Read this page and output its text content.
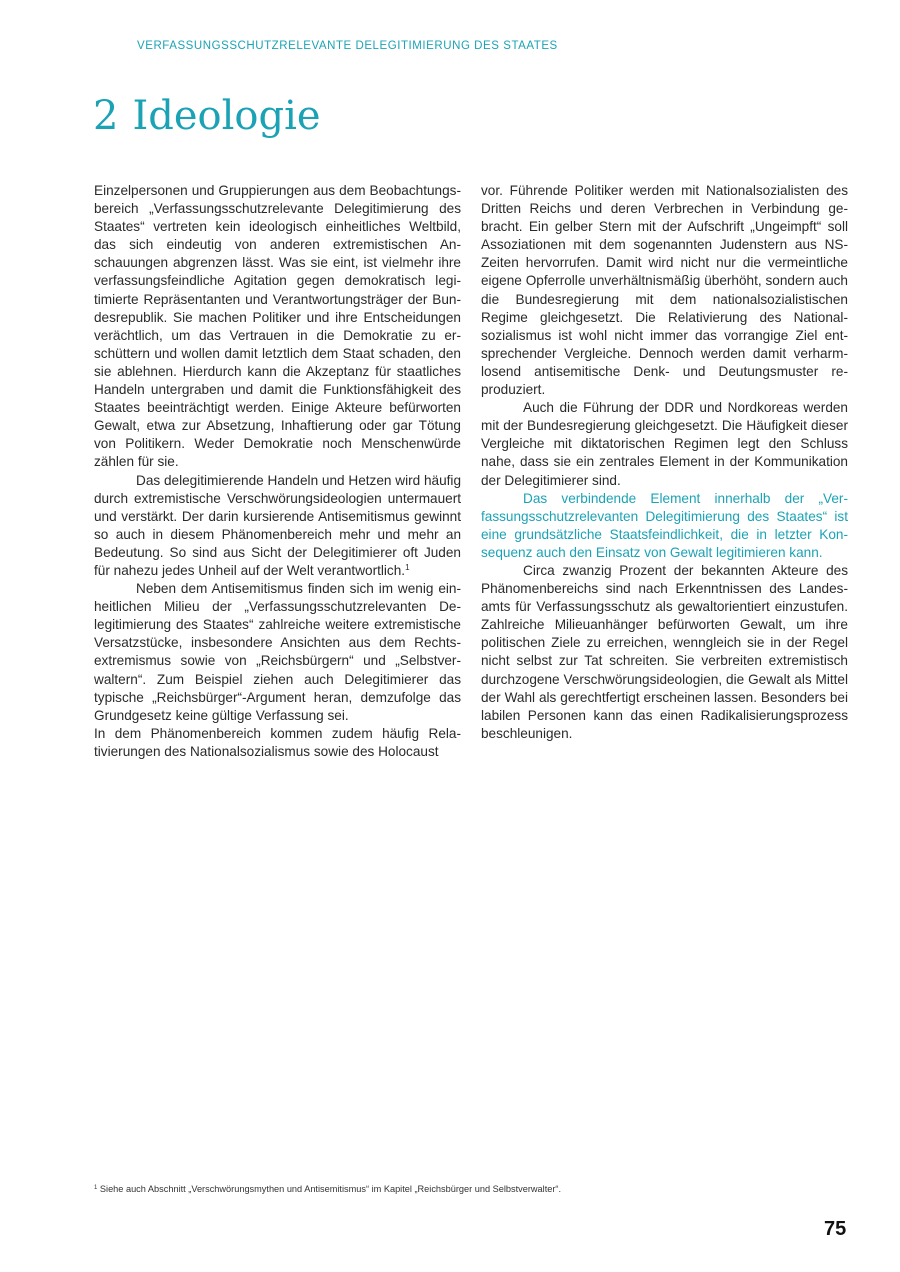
VERFASSUNGSSCHUTZRELEVANTE DELEGITIMIERUNG DES STAATES
2 Ideologie

Einzelpersonen und Gruppierungen aus dem Beobachtungsbereich „Verfassungsschutzrelevante Delegitimierung des Staates“ vertreten kein ideologisch einheitliches Weltbild, das sich eindeutig von anderen extremistischen Anschauungen abgrenzen lässt. Was sie eint, ist vielmehr ihre verfassungsfeindliche Agitation gegen demokratisch legitimierte Repräsentanten und Verantwortungsträger der Bundesrepublik. Sie machen Politiker und ihre Entscheidungen verächtlich, um das Vertrauen in die Demokratie zu erschüttern und wollen damit letztlich dem Staat schaden, den sie ablehnen. Hierdurch kann die Akzeptanz für staatliches Handeln untergraben und damit die Funktionsfähigkeit des Staates beeinträchtigt werden. Einige Akteure befürworten Gewalt, etwa zur Absetzung, Inhaftierung oder gar Tötung von Politikern. Weder Demokratie noch Menschenwürde zählen für sie.

Das delegitimierende Handeln und Hetzen wird häufig durch extremistische Verschwörungsideologien untermauert und verstärkt. Der darin kursierende Antisemitismus gewinnt so auch in diesem Phänomenbereich mehr und mehr an Bedeutung. So sind aus Sicht der Delegitimierer oft Juden für nahezu jedes Unheil auf der Welt verantwortlich.$^1$

Neben dem Antisemitismus finden sich im wenig einheitlichen Milieu der „Verfassungsschutzrelevanten Delegitimierung des Staates“ zahlreiche weitere extremistische Versatzstücke, insbesondere Ansichten aus dem Rechtsextremismus sowie von „Reichsbürgern“ und „Selbstverwaltern“. Zum Beispiel ziehen auch Delegitimierer das typische „Reichsbürger“-Argument heran, demzufolge das Grundgesetz keine gültige Verfassung sei.

In dem Phänomenbereich kommen zudem häufig Relativierungen des Nationalsozialismus sowie des Holocaust

vor. Führende Politiker werden mit Nationalsozialisten des Dritten Reichs und deren Verbrechen in Verbindung gebracht. Ein gelber Stern mit der Aufschrift „Ungeimpft“ soll Assoziationen mit dem sogenannten Judenstern aus NS-Zeiten hervorrufen. Damit wird nicht nur die vermeintliche eigene Opferrolle unverhältnismäßig überhöht, sondern auch die Bundesregierung mit dem nationalsozialistischen Regime gleichgesetzt. Die Relativierung des Nationalsozialismus ist wohl nicht immer das vorrangige Ziel entsprechender Vergleiche. Dennoch werden damit verharmlosend antisemitische Denk- und Deutungsmuster reproduziert.

Auch die Führung der DDR und Nordkoreas werden mit der Bundesregierung gleichgesetzt. Die Häufigkeit dieser Vergleiche mit diktatorischen Regimen legt den Schluss nahe, dass sie ein zentrales Element in der Kommunikation der Delegitimierer sind.

Das verbindende Element innerhalb der „Verfassungsschutzrelevanten Delegitimierung des Staates“ ist eine grundsätzliche Staatsfeindlichkeit, die in letzter Konsequenz auch den Einsatz von Gewalt legitimieren kann.

Circa zwanzig Prozent der bekannten Akteure des Phänomenbereichs sind nach Erkenntnissen des Landesamts für Verfassungsschutz als gewaltorientiert einzustufen. Zahlreiche Milieuanhänger befürworten Gewalt, um ihre politischen Ziele zu erreichen, wenngleich sie in der Regel nicht selbst zur Tat schreiten. Sie verbreiten extremistisch durchzogene Verschwörungsideologien, die Gewalt als Mittel der Wahl als gerechtfertigt erscheinen lassen. Besonders bei labilen Personen kann das einen Radikalisierungsprozess beschleunigen.

$^1$ Siehe auch Abschnitt „Verschwörungsmythen und Antisemitismus“ im Kapitel „Reichsbürger und Selbstverwalter“.
75
